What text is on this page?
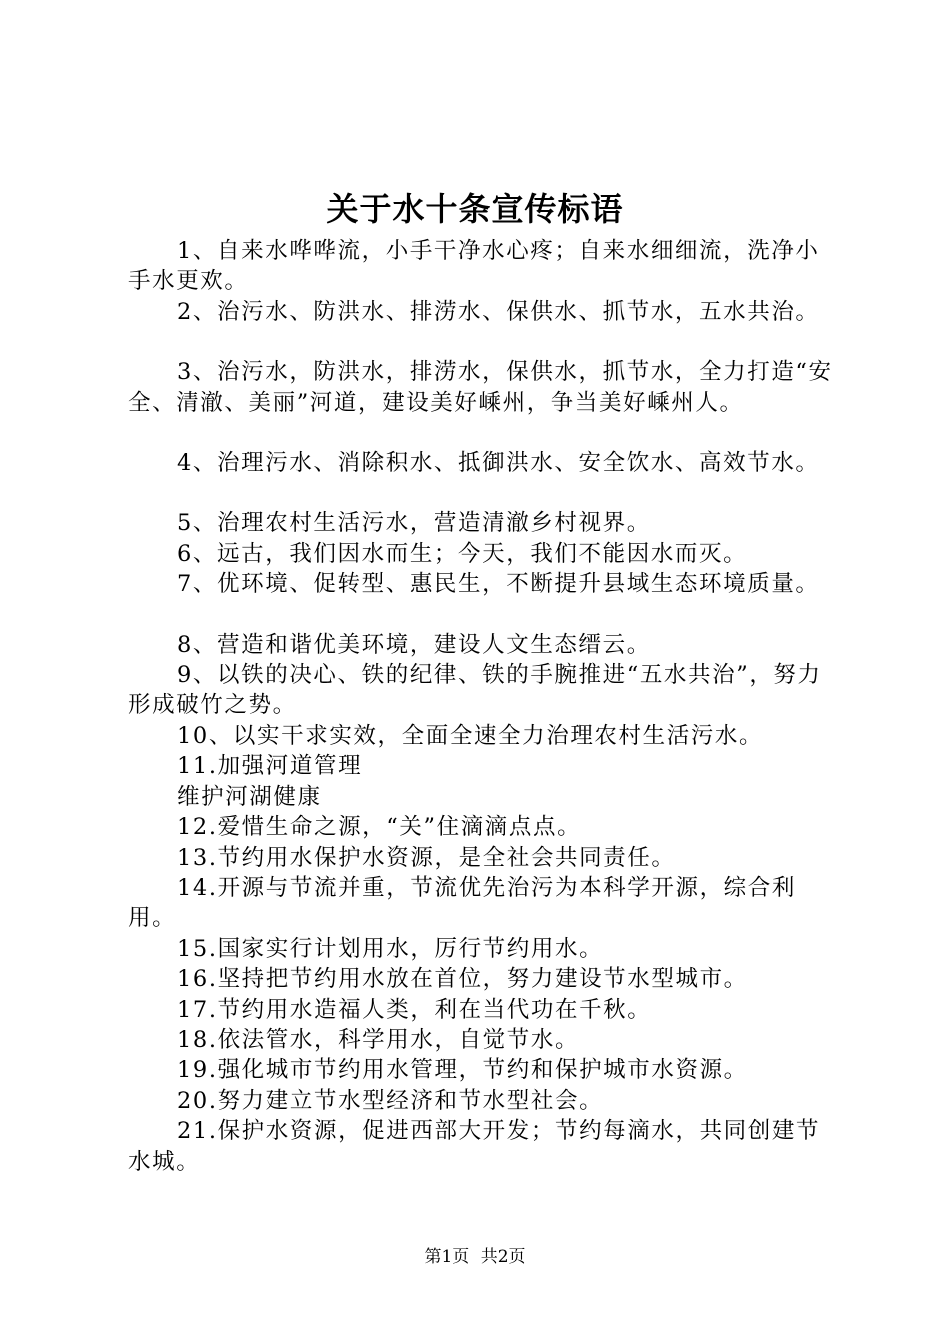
关于水十条宣传标语

1、自来水哗哗流，小手干净水心疼；自来水细细流，洗净小手水更欢。

2、治污水、防洪水、排涝水、保供水、抓节水，五水共治。

3、治污水，防洪水，排涝水，保供水，抓节水，全力打造“安全、清澈、美丽”河道，建设美好嵊州，争当美好嵊州人。

4、治理污水、消除积水、抵御洪水、安全饮水、高效节水。

5、治理农村生活污水，营造清澈乡村视界。

6、远古，我们因水而生；今天，我们不能因水而灭。

7、优环境、促转型、惠民生，不断提升县域生态环境质量。

8、营造和谐优美环境，建设人文生态缙云。

9、以铁的决心、铁的纪律、铁的手腕推进“五水共治”，努力形成破竹之势。

10、以实干求实效，全面全速全力治理农村生活污水。

11.加强河道管理

维护河湖健康

12.爱惜生命之源，“关”住滴滴点点。

13.节约用水保护水资源，是全社会共同责任。

14.开源与节流并重，节流优先治污为本科学开源，综合利用。

15.国家实行计划用水，厉行节约用水。

16.坚持把节约用水放在首位，努力建设节水型城市。

17.节约用水造福人类，利在当代功在千秋。

18.依法管水，科学用水，自觉节水。

19.强化城市节约用水管理，节约和保护城市水资源。

20.努力建立节水型经济和节水型社会。

21.保护水资源，促进西部大开发；节约每滴水，共同创建节水城。

第1页 共2页
